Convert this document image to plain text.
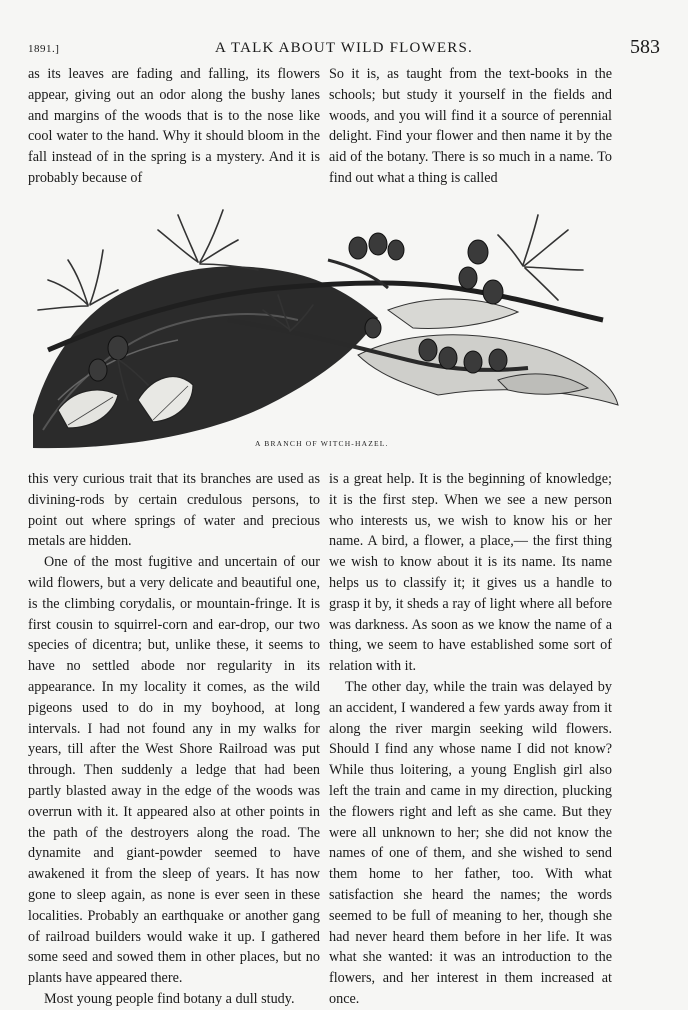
1891.]	A TALK ABOUT WILD FLOWERS.	583

as its leaves are fading and falling, its flowers appear, giving out an odor along the bushy lanes and margins of the woods that is to the nose like cool water to the hand. Why it should bloom in the fall instead of in the spring is a mystery. And it is probably because of

So it is, as taught from the text-books in the schools; but study it yourself in the fields and woods, and you will find it a source of perennial delight. Find your flower and then name it by the aid of the botany. There is so much in a name. To find out what a thing is called

A BRANCH OF WITCH-HAZEL.

this very curious trait that its branches are used as divining-rods by certain credulous persons, to point out where springs of water and precious metals are hidden.

One of the most fugitive and uncertain of our wild flowers, but a very delicate and beautiful one, is the climbing corydalis, or mountain-fringe. It is first cousin to squirrel-corn and ear-drop, our two species of dicentra; but, unlike these, it seems to have no settled abode nor regularity in its appearance. In my locality it comes, as the wild pigeons used to do in my boyhood, at long intervals. I had not found any in my walks for years, till after the West Shore Railroad was put through. Then suddenly a ledge that had been partly blasted away in the edge of the woods was overrun with it. It appeared also at other points in the path of the destroyers along the road. The dynamite and giant-powder seemed to have awakened it from the sleep of years. It has now gone to sleep again, as none is ever seen in these localities. Probably an earthquake or another gang of railroad builders would wake it up. I gathered some seed and sowed them in other places, but no plants have appeared there.

Most young people find botany a dull study.

is a great help. It is the beginning of knowledge; it is the first step. When we see a new person who interests us, we wish to know his or her name. A bird, a flower, a place,— the first thing we wish to know about it is its name. Its name helps us to classify it; it gives us a handle to grasp it by, it sheds a ray of light where all before was darkness. As soon as we know the name of a thing, we seem to have established some sort of relation with it.

The other day, while the train was delayed by an accident, I wandered a few yards away from it along the river margin seeking wild flowers. Should I find any whose name I did not know? While thus loitering, a young English girl also left the train and came in my direction, plucking the flowers right and left as she came. But they were all unknown to her; she did not know the names of one of them, and she wished to send them home to her father, too. With what satisfaction she heard the names; the words seemed to be full of meaning to her, though she had never heard them before in her life. It was what she wanted: it was an introduction to the flowers, and her interest in them increased at once.
